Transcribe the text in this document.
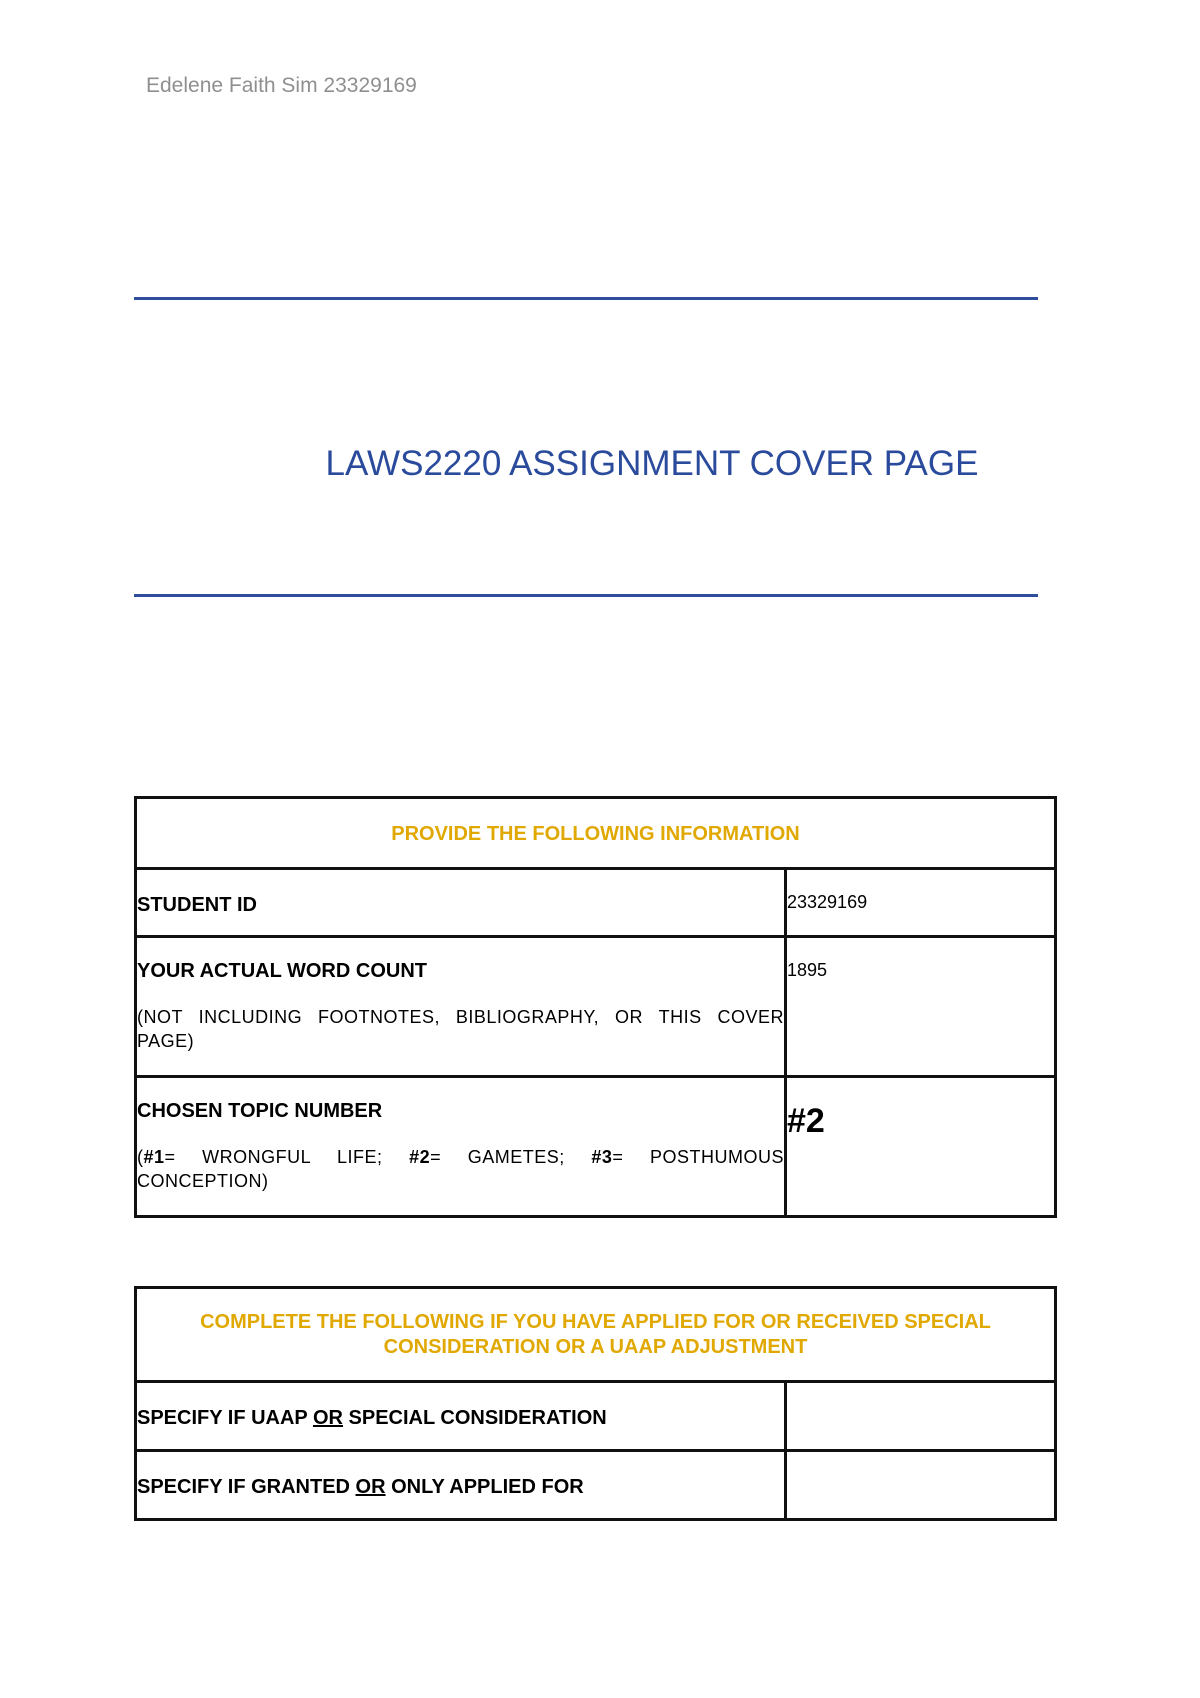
Edelene Faith Sim 23329169
LAWS2220 ASSIGNMENT COVER PAGE
PROVIDE THE FOLLOWING INFORMATION	

STUDENT ID	23329169

YOUR ACTUAL WORD COUNT

(NOT INCLUDING FOOTNOTES, BIBLIOGRAPHY, OR THIS COVER PAGE)	1895

CHOSEN TOPIC NUMBER

(#1= WRONGFUL LIFE; #2= GAMETES; #3= POSTHUMOUS CONCEPTION)	#2
COMPLETE THE FOLLOWING IF YOU HAVE APPLIED FOR OR RECEIVED SPECIAL CONSIDERATION OR A UAAP ADJUSTMENT	

SPECIFY IF UAAP OR SPECIAL CONSIDERATION	

SPECIFY IF GRANTED OR ONLY APPLIED FOR	
